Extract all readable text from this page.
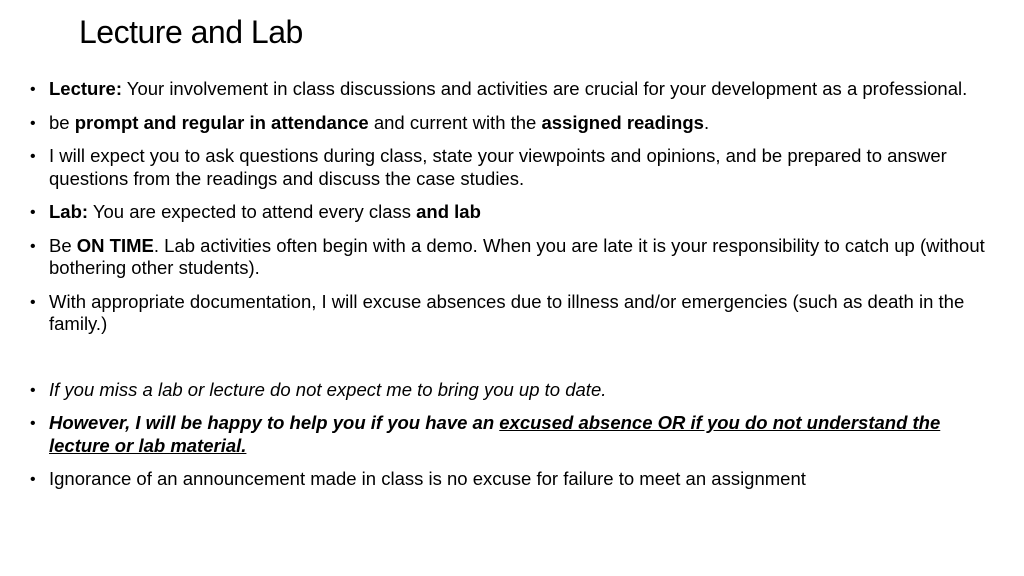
Lecture and Lab
• Lecture: Your involvement in class discussions and activities are crucial for your development as a professional.
• be prompt and regular in attendance and current with the assigned readings.
• I will expect you to ask questions during class, state your viewpoints and opinions, and be prepared to answer questions from the readings and discuss the case studies.
• Lab: You are expected to attend every class and lab
• Be ON TIME. Lab activities often begin with a demo. When you are late it is your responsibility to catch up (without bothering other students).
• With appropriate documentation, I will excuse absences due to illness and/or emergencies (such as death in the family.)
• If you miss a lab or lecture do not expect me to bring you up to date.
• However, I will be happy to help you if you have an excused absence OR if you do not understand the lecture or lab material.
• Ignorance of an announcement made in class is no excuse for failure to meet an assignment
